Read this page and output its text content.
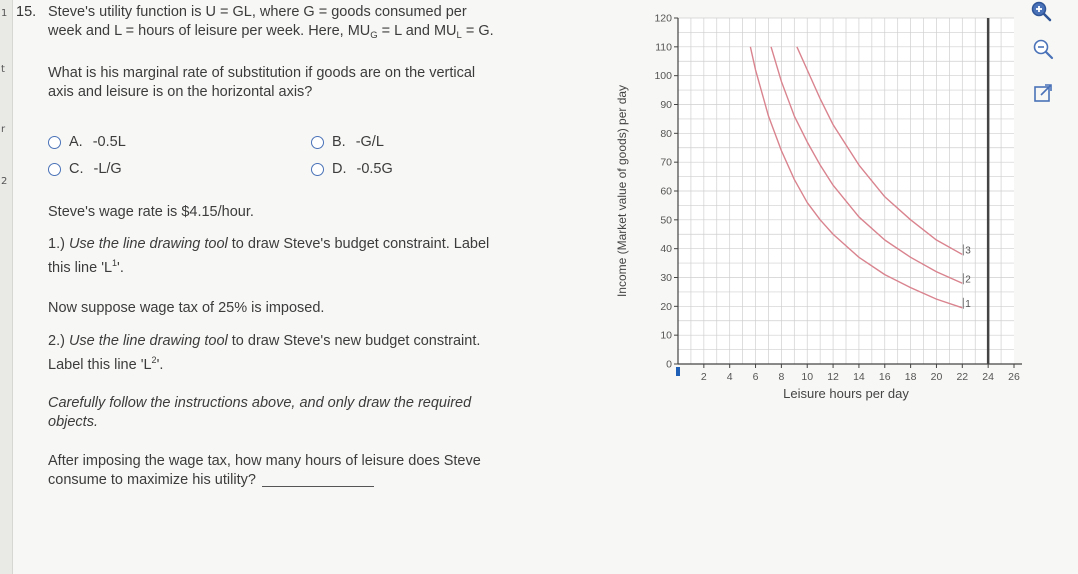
1
t
r
2
15. Steve's utility function is U = GL, where G = goods consumed per

week and L = hours of leisure per week. Here, $MU_G = L$ and $MU_L = G$.

What is his marginal rate of substitution if goods are on the vertical

axis and leisure is on the horizontal axis?

A. -0.5L	B. -G/L
C. -L/G	D. -0.5G

Steve's wage rate is $4.15/hour.

1.) Use the line drawing tool to draw Steve's budget constraint. Label

this line '$L^1$'.

Now suppose wage tax of 25% is imposed.

2.) Use the line drawing tool to draw Steve's new budget constraint.

Label this line '$L^2$'.

Carefully follow the instructions above, and only draw the required

objects.

After imposing the wage tax, how many hours of leisure does Steve

consume to maximize his utility?

0
10
20
30
40
50
60
70
80
90
100
110
120
2 4 6 8 10 12 14 16 18 20 22 24 26
Leisure hours per day
Income (Market value of goods) per day
1
2
3
